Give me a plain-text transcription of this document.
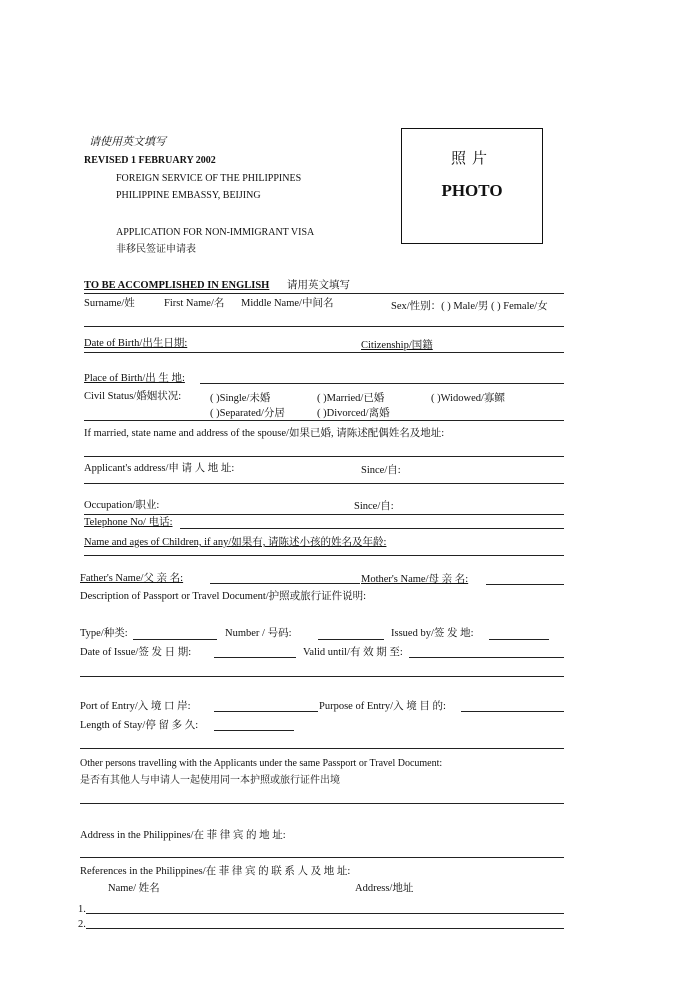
请使用英文填写
REVISED 1 FEBRUARY 2002
FOREIGN SERVICE OF THE PHILIPPINES
PHILIPPINE EMBASSY, BEIJING
APPLICATION FOR NON-IMMIGRANT VISA
非移民签证申请表
照片
PHOTO
TO BE ACCOMPLISHED IN ENGLISH 请用英文填写
Surname/姓	First Name/名 Middle Name/中间名	Sex/性别：( ) Male/男 ( ) Female/女
Date of Birth/出生日期:	Citizenship/国籍
Place of Birth/出 生 地:
Civil Status/婚姻状况:	( )Single/未婚	( )Married/已婚	( )Widowed/寡鳏
( )Separated/分居	( )Divorced/离婚
If married, state name and address of the spouse/如果已婚, 请陈述配偶姓名及地址:
Applicant's address/申 请 人 地 址:	Since/自:
Occupation/职业:	Since/自:
Telephone No/ 电话:
Name and ages of Children, if any/如果有, 请陈述小孩的姓名及年龄:
Father's Name/父 亲 名:	Mother's Name/母 亲 名:
Description of Passport or Travel Document/护照或旅行证件说明:
Type/种类:	Number / 号码:	Issued by/签 发 地:
Date of Issue/签 发 日 期:	Valid until/有 效 期 至:
Port of Entry/入 境 口 岸:	Purpose of Entry/入 境 目 的:
Length of Stay/停 留 多 久:
Other persons travelling with the Applicants under the same Passport or Travel Document:
是否有其他人与申请人一起使用同一本护照或旅行证件出境
Address in the Philippines/在 菲 律 宾 的 地 址:
References in the Philippines/在 菲 律 宾 的 联 系 人 及 地 址:
Name/ 姓名	Address/地址
1.
2.
